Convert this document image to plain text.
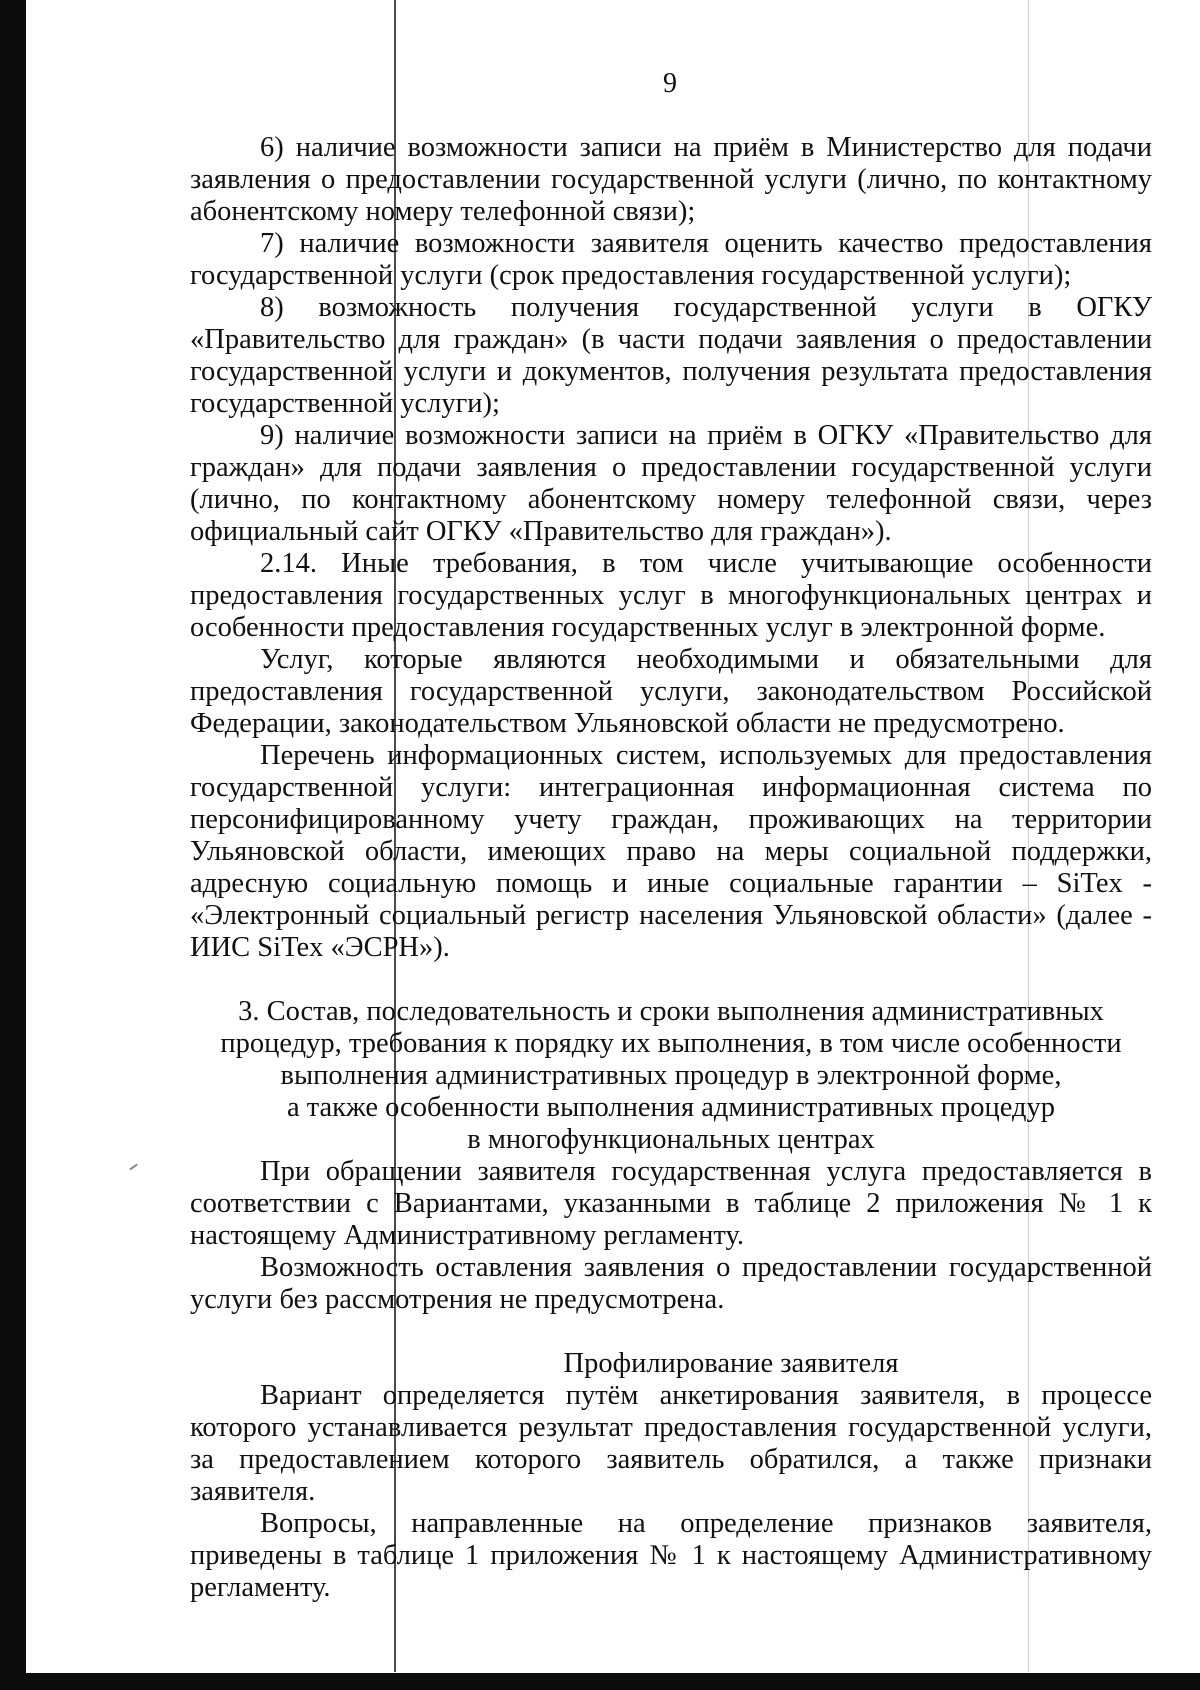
9

6) наличие возможности записи на приём в Министерство для подачи заявления о предоставлении государственной услуги (лично, по контактному абонентскому номеру телефонной связи);

7) наличие возможности заявителя оценить качество предоставления государственной услуги (срок предоставления государственной услуги);

8) возможность получения государственной услуги в ОГКУ «Правительство для граждан» (в части подачи заявления о предоставлении государственной услуги и документов, получения результата предоставления государственной услуги);

9) наличие возможности записи на приём в ОГКУ «Правительство для граждан» для подачи заявления о предоставлении государственной услуги (лично, по контактному абонентскому номеру телефонной связи, через официальный сайт ОГКУ «Правительство для граждан»).

2.14. Иные требования, в том числе учитывающие особенности предоставления государственных услуг в многофункциональных центрах и особенности предоставления государственных услуг в электронной форме.

Услуг, которые являются необходимыми и обязательными для предоставления государственной услуги, законодательством Российской Федерации, законодательством Ульяновской области не предусмотрено.

Перечень информационных систем, используемых для предоставления государственной услуги: интеграционная информационная система по персонифицированному учету граждан, проживающих на территории Ульяновской области, имеющих право на меры социальной поддержки, адресную социальную помощь и иные социальные гарантии – SiTex - «Электронный социальный регистр населения Ульяновской области» (далее - ИИС SiTex «ЭСРН»).

3. Состав, последовательность и сроки выполнения административных
процедур, требования к порядку их выполнения, в том числе особенности
выполнения административных процедур в электронной форме,
а также особенности выполнения административных процедур
в многофункциональных центрах

При обращении заявителя государственная услуга предоставляется в соответствии с Вариантами, указанными в таблице 2 приложения № 1 к настоящему Административному регламенту.

Возможность оставления заявления о предоставлении государственной услуги без рассмотрения не предусмотрена.

Профилирование заявителя

Вариант определяется путём анкетирования заявителя, в процессе которого устанавливается результат предоставления государственной услуги, за предоставлением которого заявитель обратился, а также признаки заявителя.

Вопросы, направленные на определение признаков заявителя, приведены в таблице 1 приложения № 1 к настоящему Административному регламенту.
